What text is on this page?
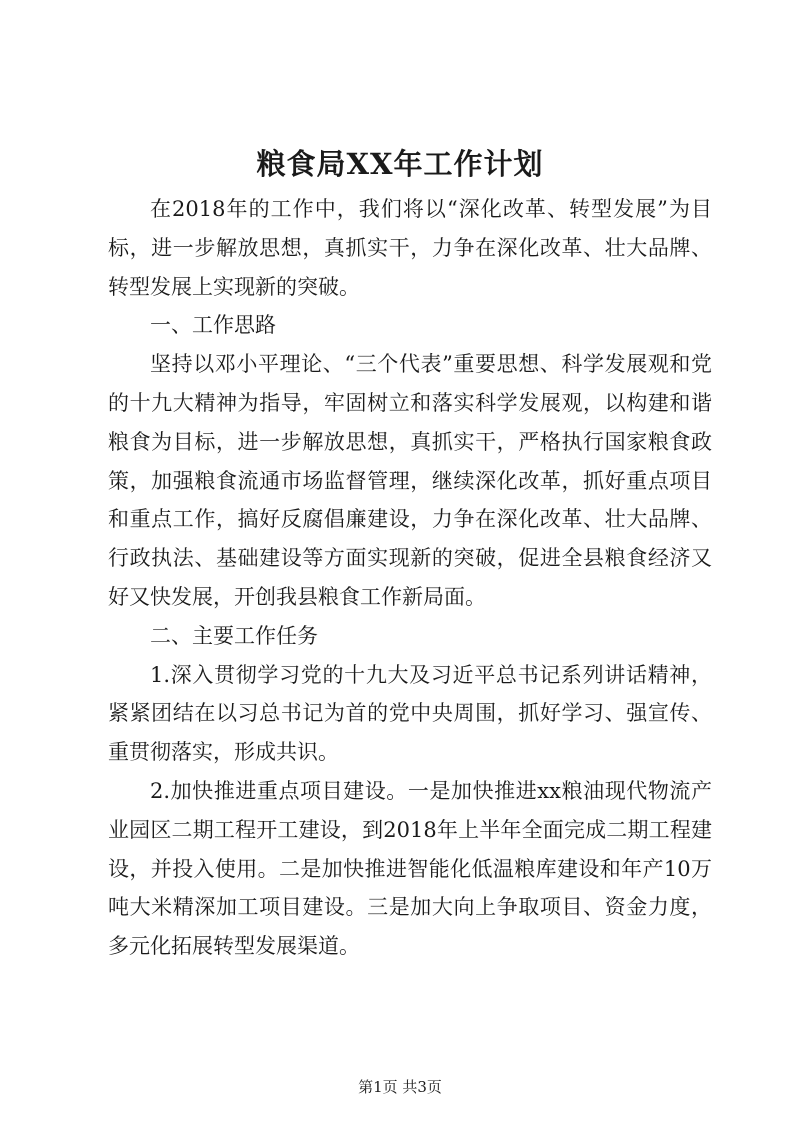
粮食局XX年工作计划

在2018年的工作中，我们将以“深化改革、转型发展”为目标，进一步解放思想，真抓实干，力争在深化改革、壮大品牌、转型发展上实现新的突破。

一、工作思路

坚持以邓小平理论、“三个代表”重要思想、科学发展观和党的十九大精神为指导，牢固树立和落实科学发展观，以构建和谐粮食为目标，进一步解放思想，真抓实干，严格执行国家粮食政策，加强粮食流通市场监督管理，继续深化改革，抓好重点项目和重点工作，搞好反腐倡廉建设，力争在深化改革、壮大品牌、行政执法、基础建设等方面实现新的突破，促进全县粮食经济又好又快发展，开创我县粮食工作新局面。

二、主要工作任务

1.深入贯彻学习党的十九大及习近平总书记系列讲话精神，紧紧团结在以习总书记为首的党中央周围，抓好学习、强宣传、重贯彻落实，形成共识。

2.加快推进重点项目建设。一是加快推进xx粮油现代物流产业园区二期工程开工建设，到2018年上半年全面完成二期工程建设，并投入使用。二是加快推进智能化低温粮库建设和年产10万吨大米精深加工项目建设。三是加大向上争取项目、资金力度，多元化拓展转型发展渠道。

第1页 共3页
